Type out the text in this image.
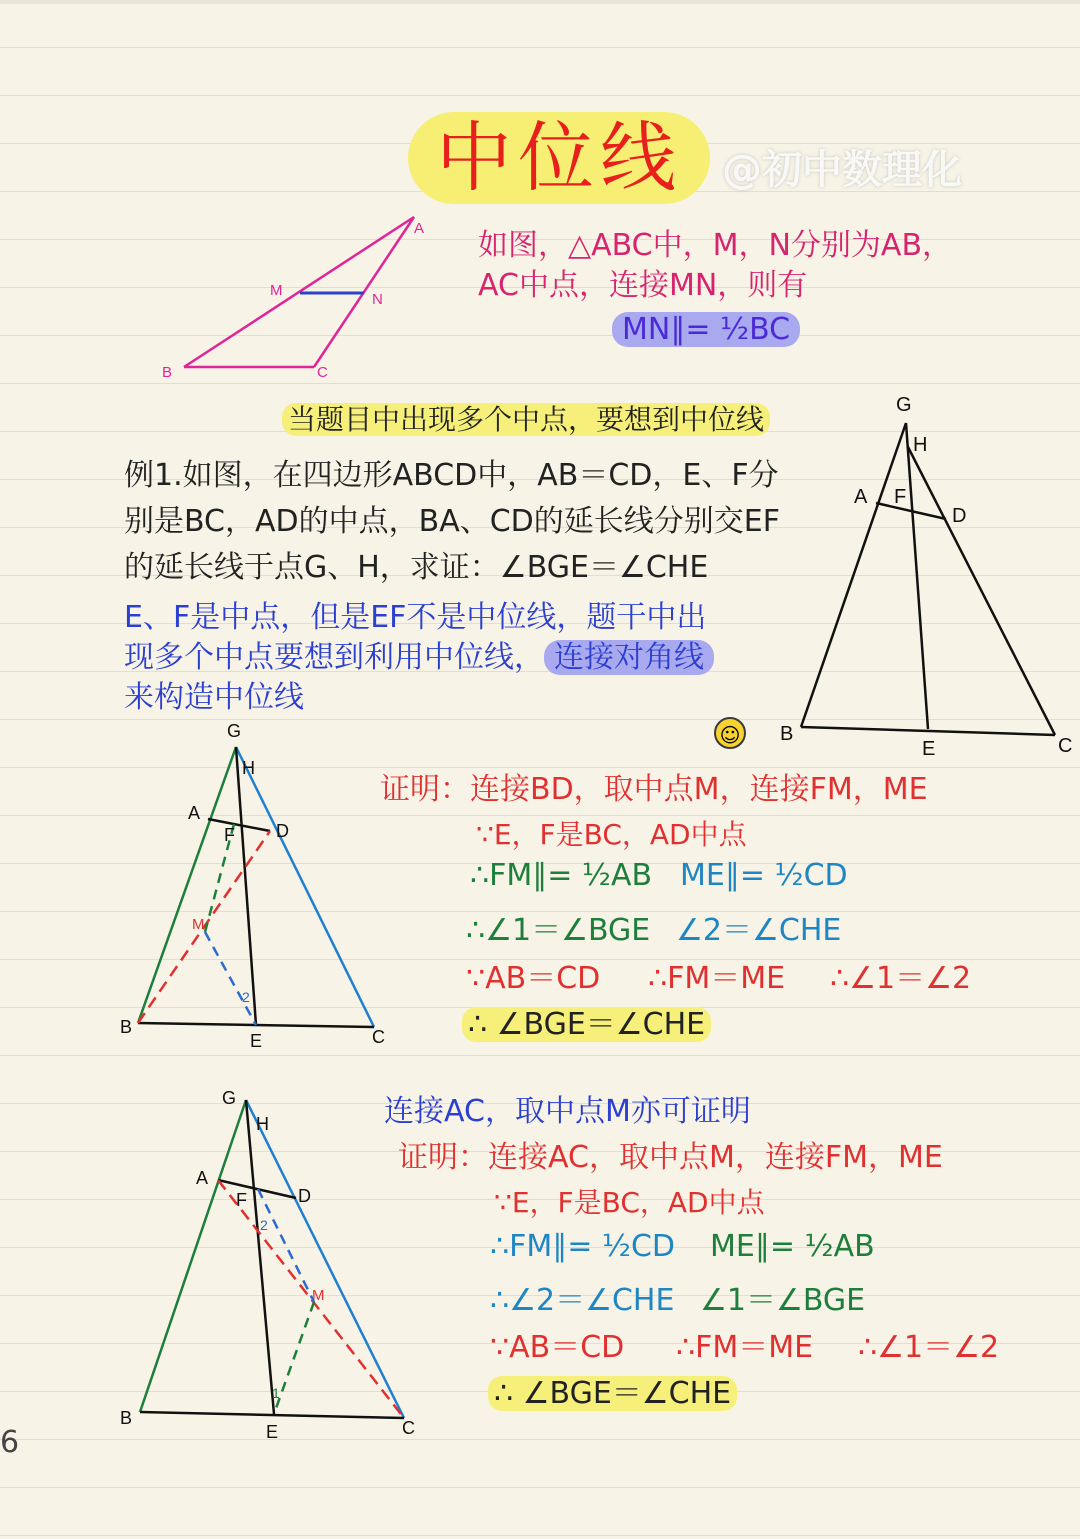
中位线	@初中数理化
A
B	C
M
N
如图，△ABC中，M，N分别为AB，
AC中点，连接MN，则有
MN∥= ½BC
当题目中出现多个中点，要想到中位线
例1.如图，在四边形ABCD中，AB＝CD，E、F分
别是BC，AD的中点，BA、CD的延长线分别交EF
的延长线于点G、H，求证：∠BGE＝∠CHE
E、F是中点，但是EF不是中位线，题干中出
现多个中点要想到利用中位线， 连接对角线
来构造中位线
G
H
A F
D
B
E	C
☺
G
H
A
F D
M
2
B
E	C
证明：连接BD，取中点M，连接FM，ME
∵E，F是BC，AD中点
∴FM∥= ½AB ME∥= ½CD
∴∠1＝∠BGE ∠2＝∠CHE
∵AB＝CD ∴FM＝ME ∴∠1＝∠2
∴ ∠BGE＝∠CHE
连接AC，取中点M亦可证明
G
H
A
F	D
2
M
1
B
E	C
证明：连接AC，取中点M，连接FM，ME
∵E，F是BC，AD中点
∴FM∥= ½CD ME∥= ½AB
∴∠2＝∠CHE ∠1＝∠BGE
∵AB＝CD ∴FM＝ME ∴∠1＝∠2
∴ ∠BGE＝∠CHE
6
